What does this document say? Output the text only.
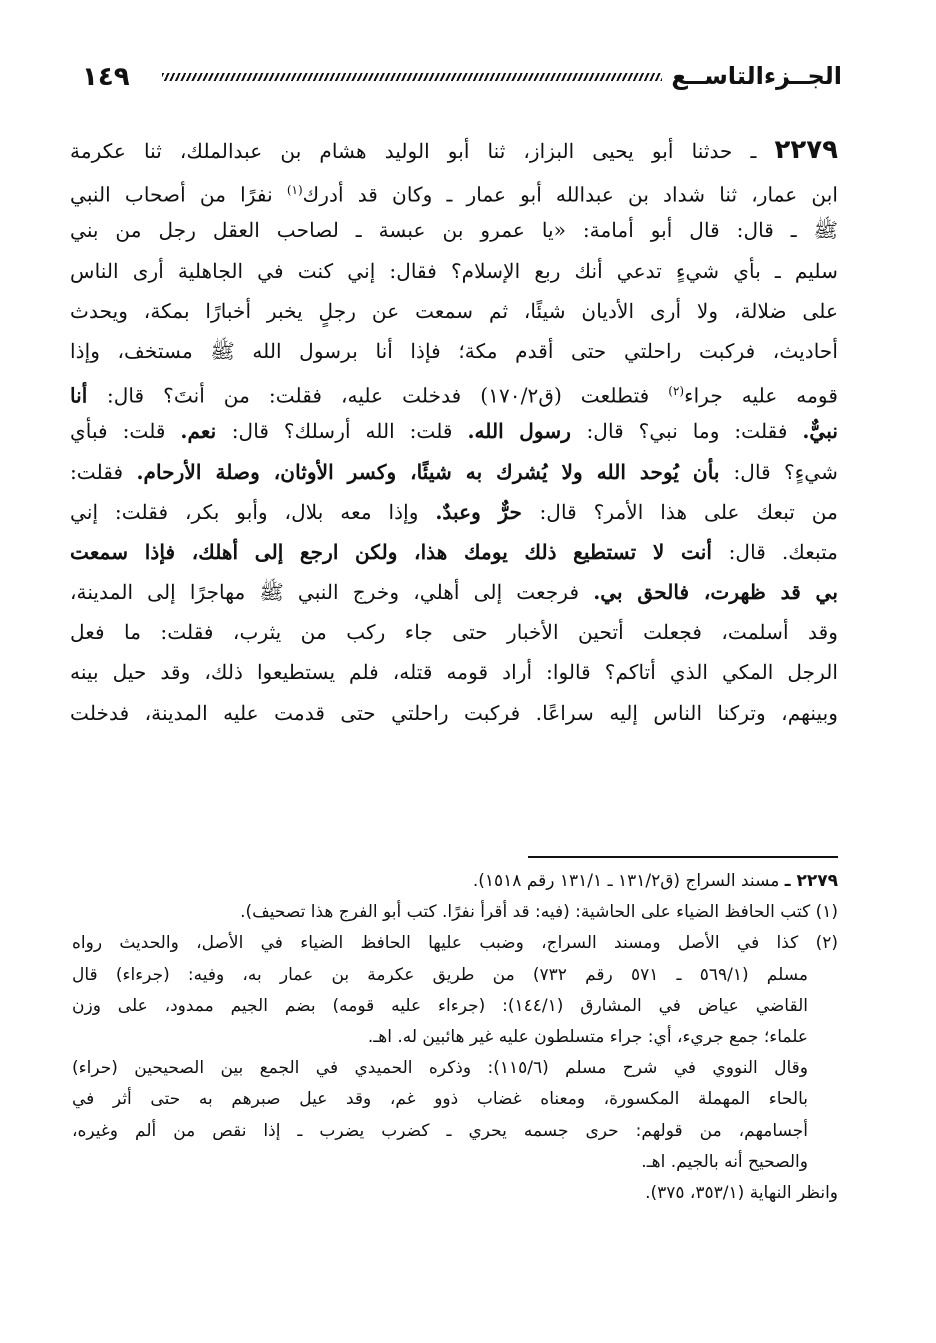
١٤٩	الجــزءالتاســع
٢٢٧٩ ـ حدثنا أبو يحيى البزاز، ثنا أبو الوليد هشام بن عبدالملك، ثنا عكرمة
ابن عمار، ثنا شداد بن عبدالله أبو عمار ـ وكان قد أدرك$^{(١)}$ نفرًا من أصحاب النبي
ﷺ ـ قال: قال أبو أمامة: «يا عمرو بن عبسة ـ لصاحب العقل رجل من بني
سليم ـ بأي شيءٍ تدعي أنك ربع الإسلام؟ فقال: إني كنت في الجاهلية أرى الناس
على ضلالة، ولا أرى الأديان شيئًا، ثم سمعت عن رجلٍ يخبر أخبارًا بمكة، ويحدث
أحاديث، فركبت راحلتي حتى أقدم مكة؛ فإذا أنا برسول الله ﷺ مستخف، وإذا
قومه عليه جراء$^{(٢)}$ فتطلعت (ق١٧٠/٢) فدخلت عليه، فقلت: من أنتَ؟ قال: أنا
نبيٌّ. فقلت: وما نبي؟ قال: رسول الله. قلت: الله أرسلك؟ قال: نعم. قلت: فبأي
شيءٍ؟ قال: بأن يُوحد الله ولا يُشرك به شيئًا، وكسر الأوثان، وصلة الأرحام. فقلت:
من تبعك على هذا الأمر؟ قال: حرٌّ وعبدٌ. وإذا معه بلال، وأبو بكر، فقلت: إني
متبعك. قال: أنت لا تستطيع ذلك يومك هذا، ولكن ارجع إلى أهلك، فإذا سمعت
بي قد ظهرت، فالحق بي. فرجعت إلى أهلي، وخرج النبي ﷺ مهاجرًا إلى المدينة،
وقد أسلمت، فجعلت أتحين الأخبار حتى جاء ركب من يثرب، فقلت: ما فعل
الرجل المكي الذي أتاكم؟ قالوا: أراد قومه قتله، فلم يستطيعوا ذلك، وقد حيل بينه
وبينهم، وتركنا الناس إليه سراعًا. فركبت راحلتي حتى قدمت عليه المدينة، فدخلت
٢٢٧٩ ـ مسند السراج (ق١٣١/٢ ـ ١٣١/١ رقم ١٥١٨).
(١) كتب الحافظ الضياء على الحاشية: (فيه: قد أقرأ نفرًا. كتب أبو الفرج هذا تصحيف).
(٢) كذا في الأصل ومسند السراج، وضبب عليها الحافظ الضياء في الأصل، والحديث رواه
مسلم (٥٦٩/١ ـ ٥٧١ رقم ٧٣٢) من طريق عكرمة بن عمار به، وفيه: (جرءاء) قال
القاضي عياض في المشارق (١٤٤/١): (جرءاء عليه قومه) بضم الجيم ممدود، على وزن
علماء؛ جمع جريء، أي: جراء متسلطون عليه غير هائبين له. اهـ.
وقال النووي في شرح مسلم (١١٥/٦): وذكره الحميدي في الجمع بين الصحيحين (حراء)
بالحاء المهملة المكسورة، ومعناه غضاب ذوو غم، وقد عيل صبرهم به حتى أثر في
أجسامهم، من قولهم: حرى جسمه يحري ـ كضرب يضرب ـ إذا نقص من ألم وغيره،
والصحيح أنه بالجيم. اهـ.
وانظر النهاية (٣٥٣/١، ٣٧٥).
